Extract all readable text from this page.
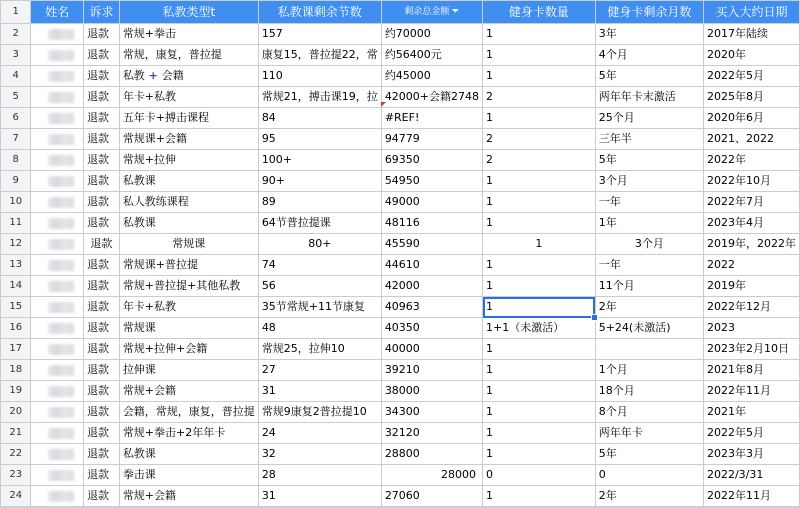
1	姓名	诉求	私教类型t	私教课剩余节数	剩余总金额 ⏷	健身卡数量	健身卡剩余月数	买入大约日期
2		退款	常规+拳击	157	约70000	1	3年	2017年陆续
3		退款	常规，康复，普拉提	康复15，普拉提22，常	约56400元	1	4个月	2020年
4		退款	私教 + 会籍	110	约45000	1	5年	2022年5月
5		退款	年卡+私教	常规21，搏击课19，拉	42000+会籍2748	2	两年年卡末激活	2025年8月
6		退款	五年卡+搏击课程	84	#REF!	1	25个月	2020年6月
7		退款	常规课+会籍	95	94779	2	三年半	2021、2022
8		退款	常规+拉伸	100+	69350	2	5年	2022年
9		退款	私教课	90+	54950	1	3个月	2022年10月
10		退款	私人教练课程	89	49000	1	一年	2022年7月
11		退款	私教课	64节普拉提课	48116	1	1年	2023年4月
12		退款	常规课	80+	45590	1	3个月	2019年，2022年
13		退款	常规课+普拉提	74	44610	1	一年	2022
14		退款	常规+普拉提+其他私教	56	42000	1	11个月	2019年
15		退款	年卡+私教	35节常规+11节康复	40963	1	2年	2022年12月
16		退款	常规课	48	40350	1+1（未激活）	5+24(未激活)	2023
17		退款	常规+拉伸+会籍	常规25，拉伸10	40000	1		2023年2月10日
18		退款	拉伸课	27	39210	1	1个月	2021年8月
19		退款	常规+会籍	31	38000	1	18个月	2022年11月
20		退款	会籍，常规，康复，普拉提	常规9康复2普拉提10	34300	1	8个月	2021年
21		退款	常规+拳击+2年年卡	24	32120	1	两年年卡	2022年5月
22		退款	私教课	32	28800	1	5年	2023年3月
23		退款	拳击课	28	28000	0	0	2022/3/31
24		退款	常规+会籍	31	27060	1	2年	2022年11月
